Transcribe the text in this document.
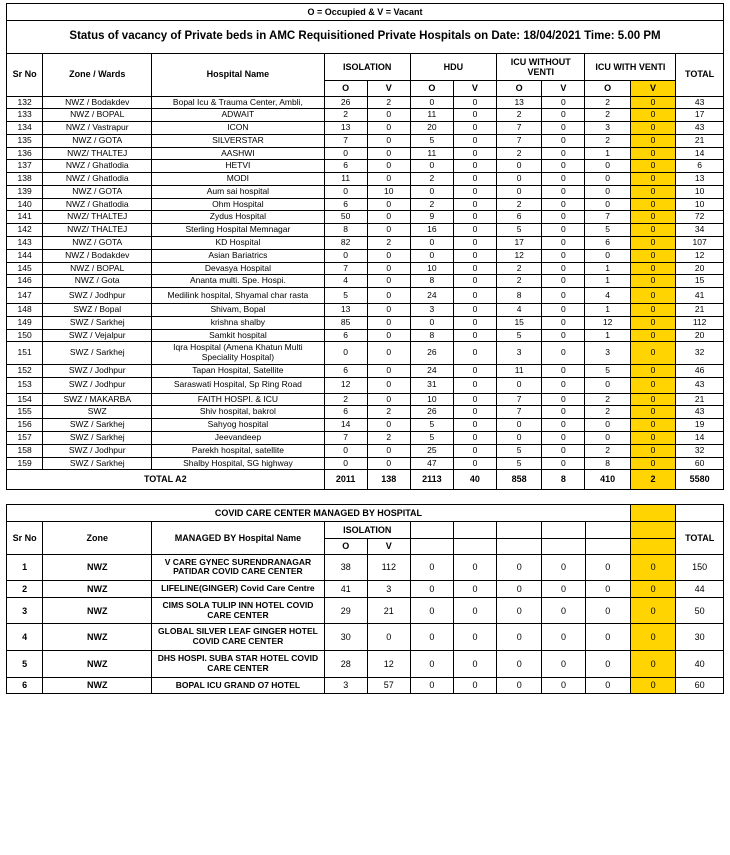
O = Occupied & V = Vacant											
Status of vacancy of Private beds in AMC Requisitioned Private Hospitals on Date: 18/04/2021 Time: 5.00 PM											
Sr No	Zone / Wards	Hospital Name	ISOLATION		HDU		ICU WITHOUT VENTI		ICU WITH VENTI		TOTAL
			O	V	O	V	O	V	O	V	
132	NWZ / Bodakdev	Bopal Icu & Trauma Center, Ambli,	26	2	0	0	13	0	2	0	43
133	NWZ / BOPAL	ADWAIT	2	0	11	0	2	0	2	0	17
134	NWZ / Vastrapur	ICON	13	0	20	0	7	0	3	0	43
135	NWZ / GOTA	SILVERSTAR	7	0	5	0	7	0	2	0	21
136	NWZ/ THALTEJ	AASHWI	0	0	11	0	2	0	1	0	14
137	NWZ / Ghatlodia	HETVI	6	0	0	0	0	0	0	0	6
138	NWZ / Ghatlodia	MODI	11	0	2	0	0	0	0	0	13
139	NWZ / GOTA	Aum sai hospital	0	10	0	0	0	0	0	0	10
140	NWZ / Ghatlodia	Ohm Hospital	6	0	2	0	2	0	0	0	10
141	NWZ/ THALTEJ	Zydus Hospital	50	0	9	0	6	0	7	0	72
142	NWZ/ THALTEJ	Sterling Hospital Memnagar	8	0	16	0	5	0	5	0	34
143	NWZ / GOTA	KD Hospital	82	2	0	0	17	0	6	0	107
144	NWZ / Bodakdev	Asian Bariatrics	0	0	0	0	12	0	0	0	12
145	NWZ / BOPAL	Devasya Hospital	7	0	10	0	2	0	1	0	20
146	NWZ / Gota	Ananta multi. Spe. Hospi.	4	0	8	0	2	0	1	0	15
147	SWZ / Jodhpur	Medilink hospital, Shyamal char rasta	5	0	24	0	8	0	4	0	41
148	SWZ / Bopal	Shivam, Bopal	13	0	3	0	4	0	1	0	21
149	SWZ / Sarkhej	krishna shalby	85	0	0	0	15	0	12	0	112
150	SWZ / Vejalpur	Samkit hospital	6	0	8	0	5	0	1	0	20
151	SWZ / Sarkhej	Iqra Hospital (Amena Khatun Multi Speciality Hospital)	0	0	26	0	3	0	3	0	32
152	SWZ / Jodhpur	Tapan Hospital, Satellite	6	0	24	0	11	0	5	0	46
153	SWZ / Jodhpur	Saraswati Hospital, Sp Ring Road	12	0	31	0	0	0	0	0	43
154	SWZ / MAKARBA	FAITH HOSPI. & ICU	2	0	10	0	7	0	2	0	21
155	SWZ	Shiv hospital, bakrol	6	2	26	0	7	0	2	0	43
156	SWZ / Sarkhej	Sahyog hospital	14	0	5	0	0	0	0	0	19
157	SWZ / Sarkhej	Jeevandeep	7	2	5	0	0	0	0	0	14
158	SWZ / Jodhpur	Parekh hospital, satellite	0	0	25	0	5	0	2	0	32
159	SWZ / Sarkhej	Shalby Hospital, SG highway	0	0	47	0	5	0	8	0	60
TOTAL A2			2011	138	2113	40	858	8	410	2	5580
COVID CARE CENTER MANAGED BY HOSPITAL											
Sr No	Zone	MANAGED BY Hospital Name	ISOLATION								TOTAL
			O	V							
1	NWZ	V CARE GYNEC SURENDRANAGAR PATIDAR COVID CARE CENTER	38	112	0	0	0	0	0	0	150
2	NWZ	LIFELINE(GINGER) Covid Care Centre	41	3	0	0	0	0	0	0	44
3	NWZ	CIMS SOLA TULIP INN HOTEL COVID CARE CENTER	29	21	0	0	0	0	0	0	50
4	NWZ	GLOBAL SILVER LEAF GINGER HOTEL COVID CARE CENTER	30	0	0	0	0	0	0	0	30
5	NWZ	DHS HOSPI. SUBA STAR HOTEL COVID CARE CENTER	28	12	0	0	0	0	0	0	40
6	NWZ	BOPAL ICU GRAND O7 HOTEL	3	57	0	0	0	0	0	0	60
